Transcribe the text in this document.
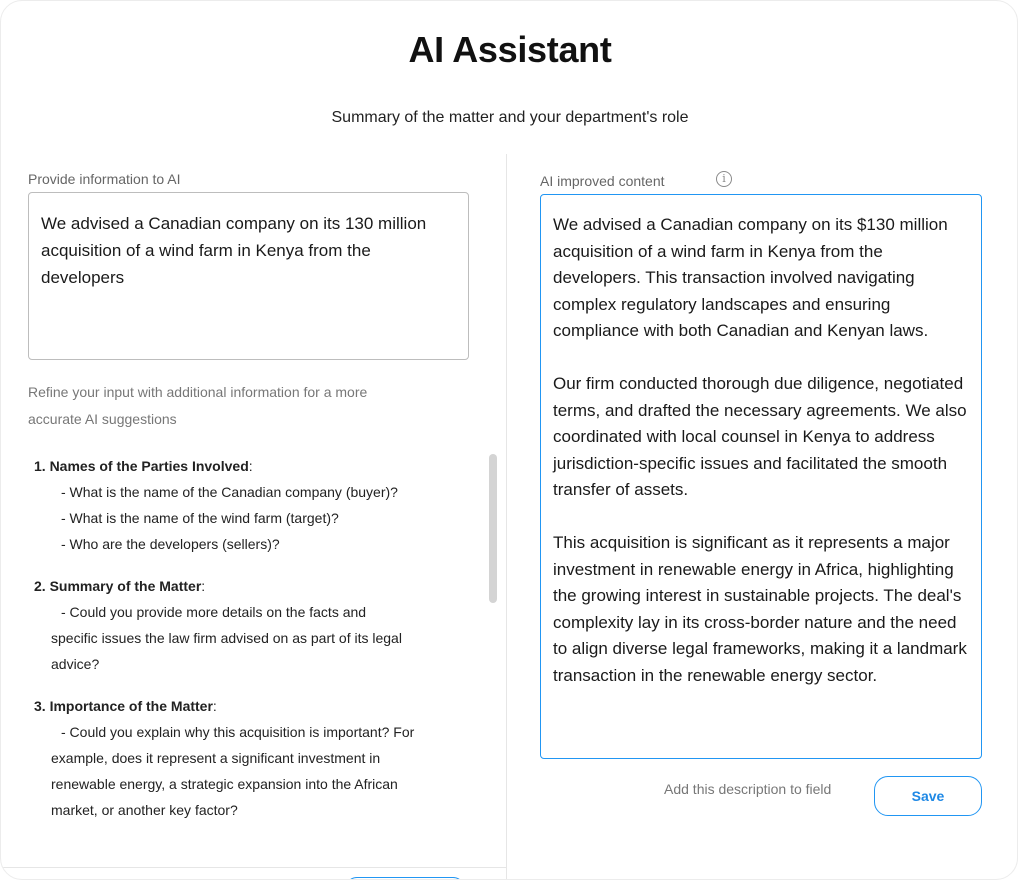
AI Assistant
Summary of the matter and your department's role
Provide information to AI
We advised a Canadian company on its 130 million acquisition of a wind farm in Kenya from the developers
Refine your input with additional information for a more
accurate AI suggestions
1. Names of the Parties Involved:
- What is the name of the Canadian company (buyer)?
- What is the name of the wind farm (target)?
- Who are the developers (sellers)?
2. Summary of the Matter:
- Could you provide more details on the facts and
specific issues the law firm advised on as part of its legal
advice?
3. Importance of the Matter:
- Could you explain why this acquisition is important? For
example, does it represent a significant investment in
renewable energy, a strategic expansion into the African
market, or another key factor?
AI improved content	i

We advised a Canadian company on its $130 million acquisition of a wind farm in Kenya from the developers. This transaction involved navigating complex regulatory landscapes and ensuring compliance with both Canadian and Kenyan laws.

Our firm conducted thorough due diligence, negotiated terms, and drafted the necessary agreements. We also coordinated with local counsel in Kenya to address jurisdiction-specific issues and facilitated the smooth transfer of assets.

This acquisition is significant as it represents a major investment in renewable energy in Africa, highlighting the growing interest in sustainable projects. The deal's complexity lay in its cross-border nature and the need to align diverse legal frameworks, making it a landmark transaction in the renewable energy sector.

Add this description to field	Save
